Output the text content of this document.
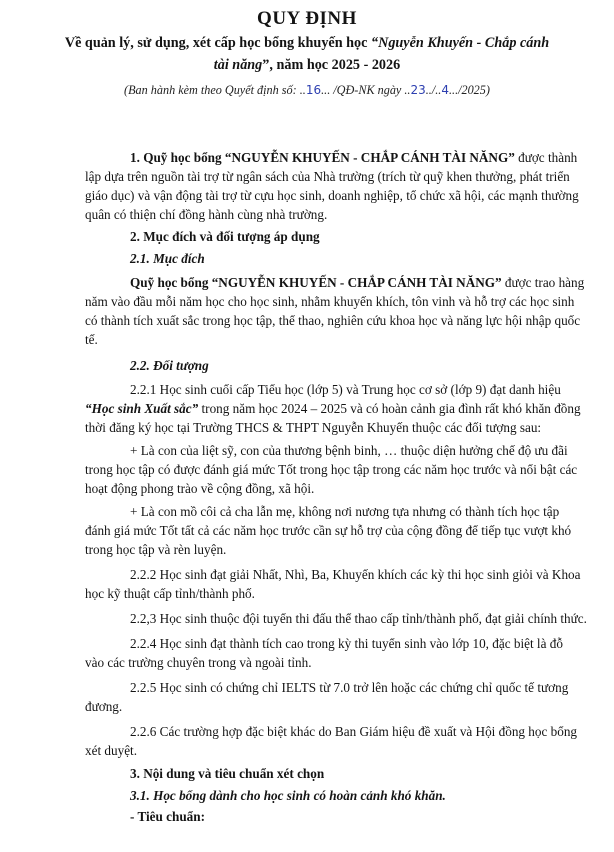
QUY ĐỊNH
Về quản lý, sử dụng, xét cấp học bổng khuyến học “Nguyễn Khuyến - Chắp cánh
tài năng”, năm học 2025 - 2026
(Ban hành kèm theo Quyết định số: ..16... /QĐ-NK ngày ..23../..4.../2025)
1. Quỹ học bổng “NGUYỄN KHUYẾN - CHẮP CÁNH TÀI NĂNG” được thành
lập dựa trên nguồn tài trợ từ ngân sách của Nhà trường (trích từ quỹ khen thưởng, phát triển
giáo dục) và vận động tài trợ từ cựu học sinh, doanh nghiệp, tổ chức xã hội, các mạnh thường
quân có thiện chí đồng hành cùng nhà trường.
2. Mục đích và đối tượng áp dụng
2.1. Mục đích
Quỹ học bổng “NGUYỄN KHUYẾN - CHẮP CÁNH TÀI NĂNG” được trao hàng
năm vào đầu mỗi năm học cho học sinh, nhằm khuyến khích, tôn vinh và hỗ trợ các học sinh
có thành tích xuất sắc trong học tập, thể thao, nghiên cứu khoa học và năng lực hội nhập quốc
tế.
2.2. Đối tượng
2.2.1 Học sinh cuối cấp Tiểu học (lớp 5) và Trung học cơ sở (lớp 9) đạt danh hiệu
“Học sinh Xuất sắc” trong năm học 2024 – 2025 và có hoàn cảnh gia đình rất khó khăn đồng
thời đăng ký học tại Trường THCS & THPT Nguyễn Khuyến thuộc các đối tượng sau:
+ Là con của liệt sỹ, con của thương bệnh binh, … thuộc diện hưởng chế độ ưu đãi
trong học tập có được đánh giá mức Tốt trong học tập trong các năm học trước và nổi bật các
hoạt động phong trào về cộng đồng, xã hội.
+ Là con mồ côi cả cha lẫn mẹ, không nơi nương tựa nhưng có thành tích học tập
đánh giá mức Tốt tất cả các năm học trước cần sự hỗ trợ của cộng đồng để tiếp tục vượt khó
trong học tập và rèn luyện.
2.2.2 Học sinh đạt giải Nhất, Nhì, Ba, Khuyến khích các kỳ thi học sinh giỏi và Khoa
học kỹ thuật cấp tỉnh/thành phố.
2.2,3 Học sinh thuộc đội tuyển thi đấu thể thao cấp tỉnh/thành phố, đạt giải chính thức.
2.2.4 Học sinh đạt thành tích cao trong kỳ thi tuyển sinh vào lớp 10, đặc biệt là đỗ
vào các trường chuyên trong và ngoài tỉnh.
2.2.5 Học sinh có chứng chỉ IELTS từ 7.0 trở lên hoặc các chứng chỉ quốc tế tương
đương.
2.2.6 Các trường hợp đặc biệt khác do Ban Giám hiệu đề xuất và Hội đồng học bổng
xét duyệt.
3. Nội dung và tiêu chuẩn xét chọn
3.1. Học bổng dành cho học sinh có hoàn cảnh khó khăn.
- Tiêu chuẩn:
